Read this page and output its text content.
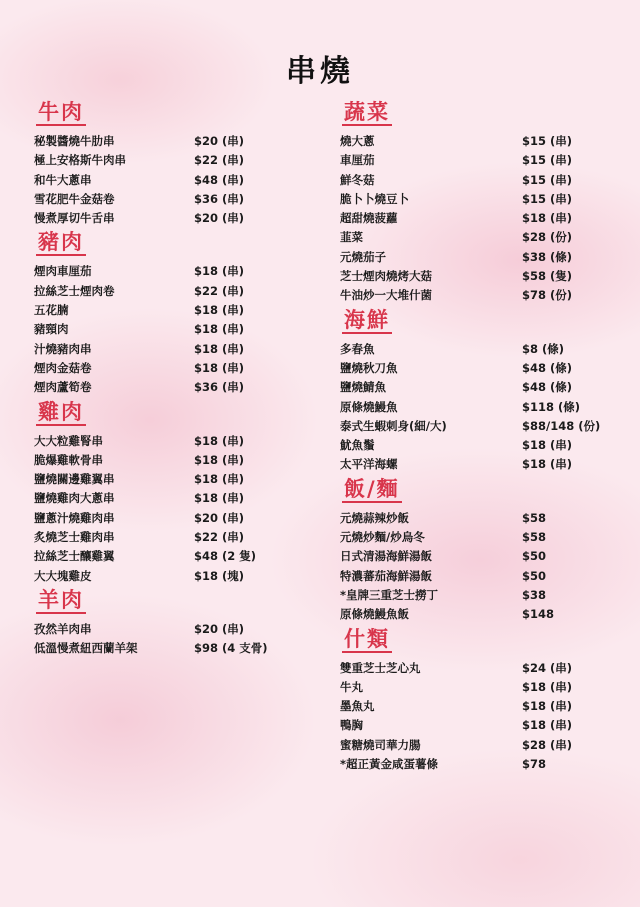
串燒
牛肉
秘製醬燒牛肋串	$20 (串)
極上安格斯牛肉串	$22 (串)
和牛大蔥串	$48 (串)
雪花肥牛金菇卷	$36 (串)
慢煮厚切牛舌串	$20 (串)
豬肉
煙肉車厘茄	$18 (串)
拉絲芝士煙肉卷	$22 (串)
五花腩	$18 (串)
豬頸肉	$18 (串)
汁燒豬肉串	$18 (串)
煙肉金菇卷	$18 (串)
煙肉蘆筍卷	$36 (串)
雞肉
大大粒雞腎串	$18 (串)
脆爆雞軟骨串	$18 (串)
鹽燒關邊雞翼串	$18 (串)
鹽燒雞肉大蔥串	$18 (串)
鹽蔥汁燒雞肉串	$20 (串)
炙燒芝士雞肉串	$22 (串)
拉絲芝士釀雞翼	$48 (2 隻)
大大塊雞皮	$18 (塊)
羊肉
孜然羊肉串	$20 (串)
低溫慢煮紐西蘭羊架	$98 (4 支骨)
蔬菜
燒大蔥	$15 (串)
車厘茄	$15 (串)
鮮冬菇	$15 (串)
脆卜卜燒豆卜	$15 (串)
超甜燒菠蘿	$18 (串)
韮菜	$28 (份)
元燒茄子	$38 (條)
芝士煙肉燒烤大菇	$58 (隻)
牛油炒一大堆什菌	$78 (份)
海鮮
多春魚	$8 (條)
鹽燒秋刀魚	$48 (條)
鹽燒鯖魚	$48 (條)
原條燒鰻魚	$118 (條)
泰式生蝦刺身(細/大)	$88/148 (份)
魷魚鬚	$18 (串)
太平洋海螺	$18 (串)
飯/麵
元燒蒜辣炒飯	$58
元燒炒麵/炒烏冬	$58
日式清湯海鮮湯飯	$50
特濃蕃茄海鮮湯飯	$50
*皇牌三重芝士撈丁	$38
原條燒鰻魚飯	$148
什類
雙重芝士芝心丸	$24 (串)
牛丸	$18 (串)
墨魚丸	$18 (串)
鴨胸	$18 (串)
蜜糖燒司華力腸	$28 (串)
*超正黃金咸蛋薯條	$78
